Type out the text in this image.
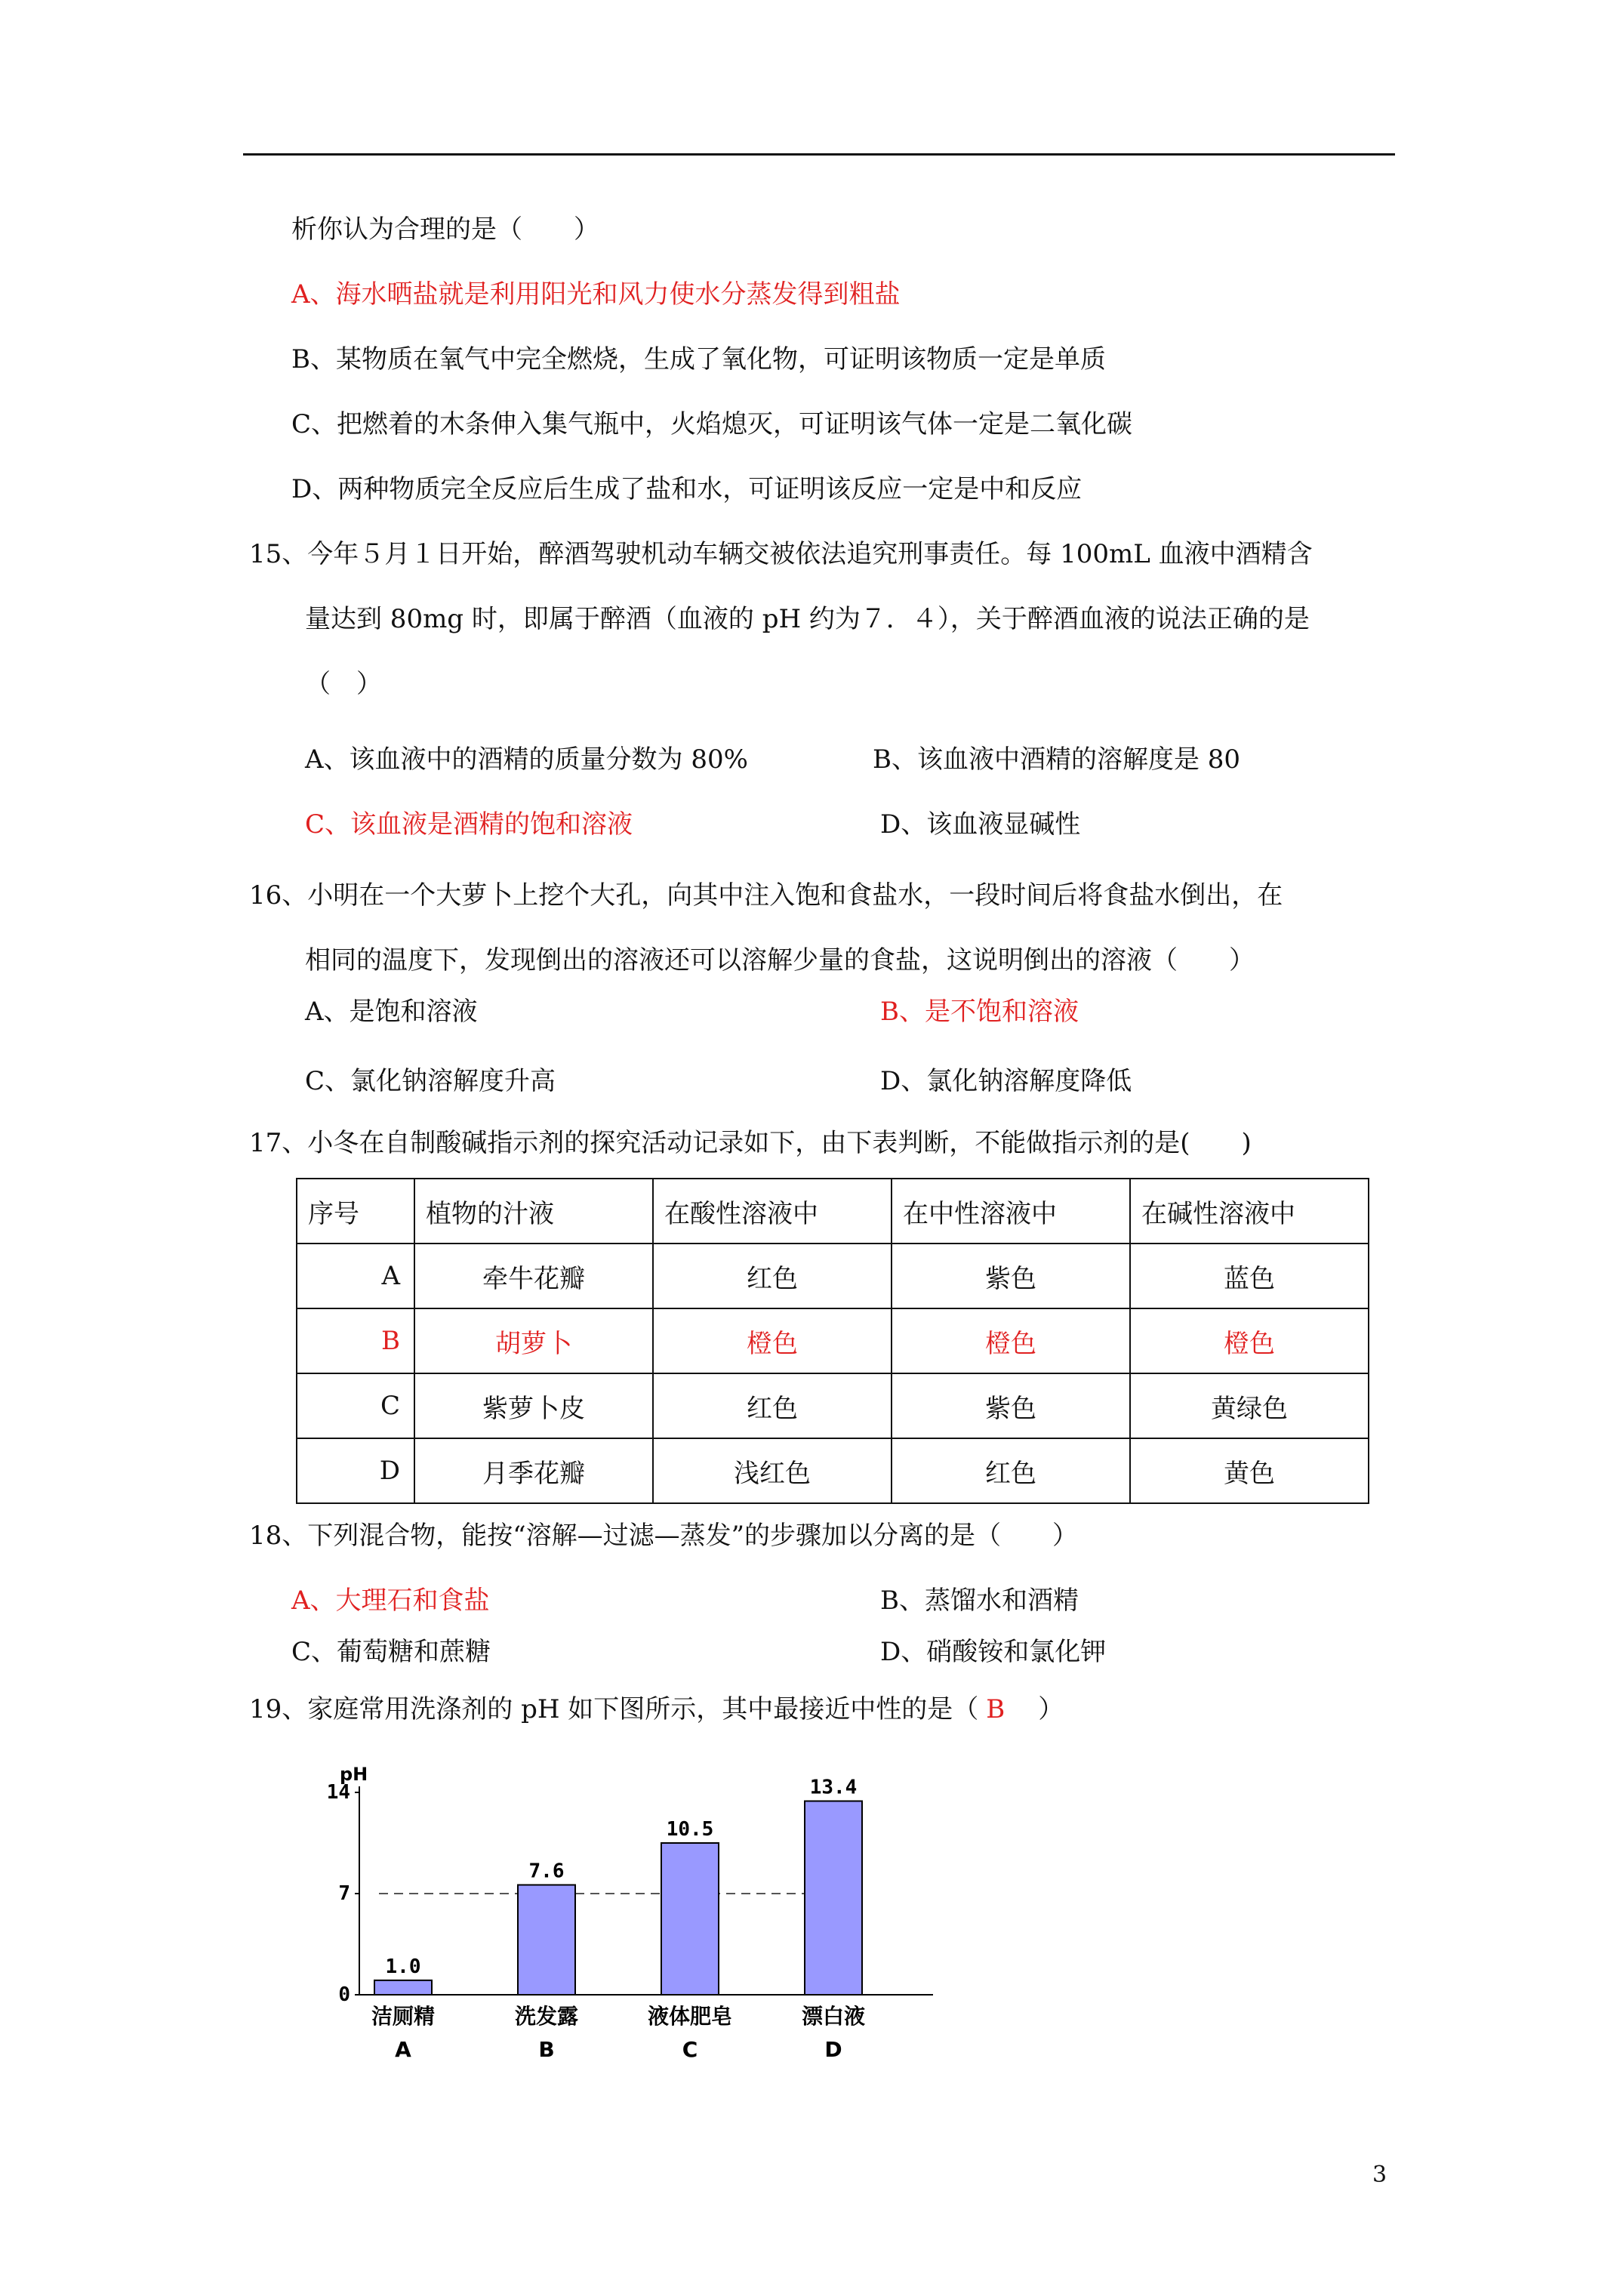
析你认为合理的是（　　）
A、海水晒盐就是利用阳光和风力使水分蒸发得到粗盐
B、某物质在氧气中完全燃烧，生成了氧化物，可证明该物质一定是单质
C、把燃着的木条伸入集气瓶中，火焰熄灭，可证明该气体一定是二氧化碳
D、两种物质完全反应后生成了盐和水，可证明该反应一定是中和反应
15、今年５月１日开始，醉酒驾驶机动车辆交被依法追究刑事责任。每 100mL 血液中酒精含
量达到 80mg 时，即属于醉酒（血液的 pH 约为７．４），关于醉酒血液的说法正确的是
（　）
A、该血液中的酒精的质量分数为 80%	B、该血液中酒精的溶解度是 80
C、该血液是酒精的饱和溶液	D、该血液显碱性
16、小明在一个大萝卜上挖个大孔，向其中注入饱和食盐水，一段时间后将食盐水倒出，在
相同的温度下，发现倒出的溶液还可以溶解少量的食盐，这说明倒出的溶液（　　）
A、是饱和溶液	B、是不饱和溶液
C、氯化钠溶解度升高	D、氯化钠溶解度降低
17、小冬在自制酸碱指示剂的探究活动记录如下，由下表判断，不能做指示剂的是(　　)
序号	植物的汁液	在酸性溶液中	在中性溶液中	在碱性溶液中
A	牵牛花瓣	红色	紫色	蓝色
B	胡萝卜	橙色	橙色	橙色
C	紫萝卜皮	红色	紫色	黄绿色
D	月季花瓣	浅红色	红色	黄色
18、下列混合物，能按“溶解—过滤—蒸发”的步骤加以分离的是（　　）
A、大理石和食盐	B、蒸馏水和酒精
C、葡萄糖和蔗糖	D、硝酸铵和氯化钾
19、家庭常用洗涤剂的 pH 如下图所示，其中最接近中性的是（ B　）
pH
0
7
14
1.0
洁厕精
A
7.6
洗发露
B
10.5
液体肥皂
C
13.4
漂白液
D
3
